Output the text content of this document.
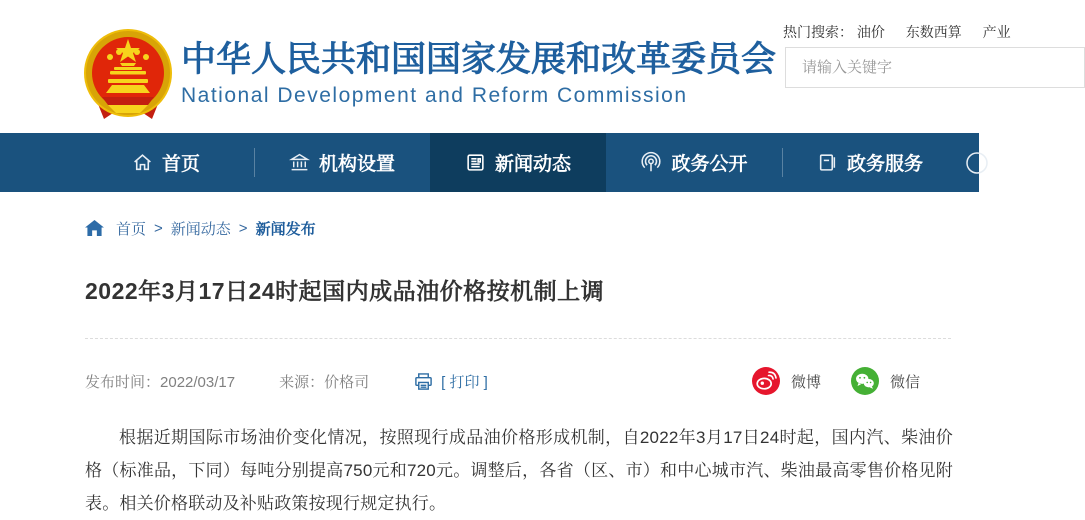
中华人民共和国国家发展和改革委员会
National Development and Reform Commission
热门搜索： 油价 东数西算 产业
请输入关键字
首页	机构设置	新闻动态	政务公开	政务服务
首页 > 新闻动态 > 新闻发布
2022年3月17日24时起国内成品油价格按机制上调
发布时间：2022/03/17	来源：价格司	[ 打印 ]	微博	微信

根据近期国际市场油价变化情况，按照现行成品油价格形成机制，自2022年3月17日24时起，国内汽、柴油价格（标准品，下同）每吨分别提高750元和720元。调整后，各省（区、市）和中心城市汽、柴油最高零售价格见附表。相关价格联动及补贴政策按现行规定执行。
